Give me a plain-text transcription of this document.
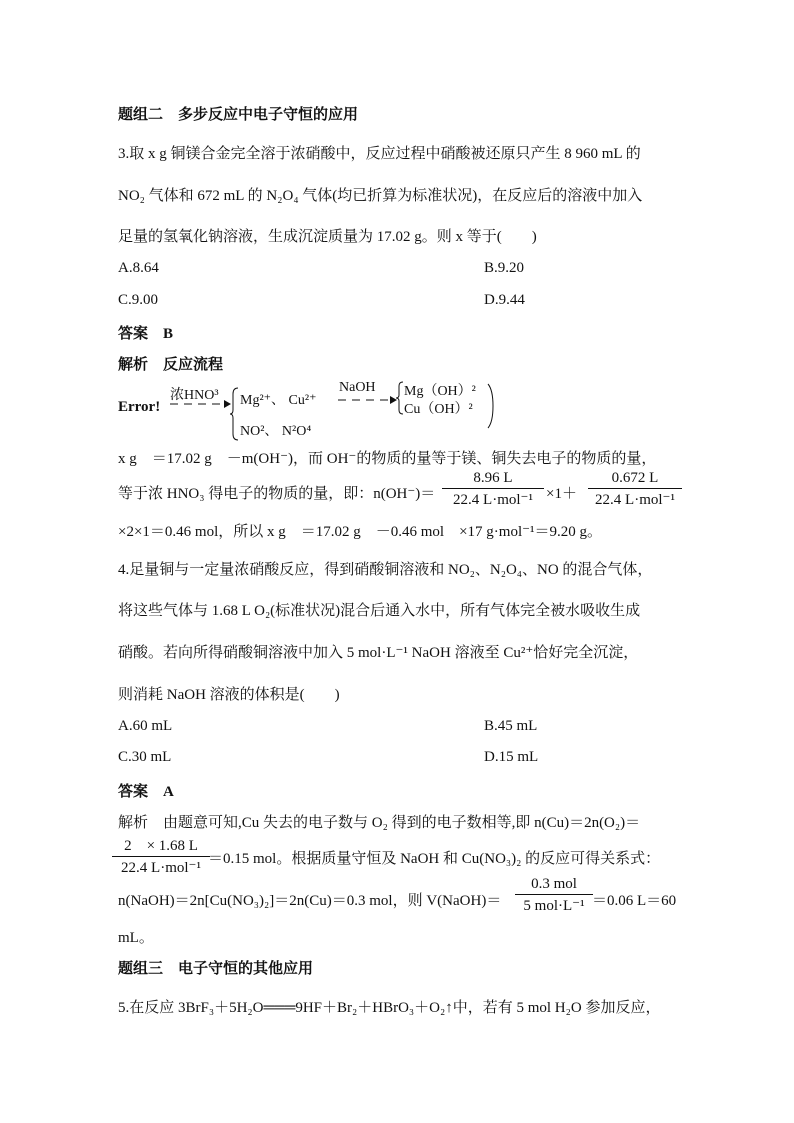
题组二　多步反应中电子守恒的应用
3.取 x g 铜镁合金完全溶于浓硝酸中，反应过程中硝酸被还原只产生 8 960 mL 的
NO₂ 气体和 672 mL 的 N₂O₄ 气体(均已折算为标准状况)，在反应后的溶液中加入
足量的氢氧化钠溶液，生成沉淀质量为 17.02 g。则 x 等于(　　)
A.8.64	B.9.20
C.9.00	D.9.44
答案　B
解析　反应流程
Error!
浓HNO³ Mg²⁺、 Cu²⁺
NO²、 N²O⁴
NaOH Mg（OH）²
Cu（OH）²
x g　＝17.02 g　－m(OH⁻)，而 OH⁻的物质的量等于镁、铜失去电子的物质的量，
等于浓 HNO₃ 得电子的物质的量，即：n(OH⁻)＝
8.96 L
22.4 L·mol⁻¹ ×1＋
0.672 L
22.4 L·mol⁻¹
×2×1＝0.46 mol，所以 x g　＝17.02 g　－0.46 mol　×17 g·mol⁻¹＝9.20 g。
4.足量铜与一定量浓硝酸反应，得到硝酸铜溶液和 NO₂、N₂O₄、NO 的混合气体，
将这些气体与 1.68 L O₂(标准状况)混合后通入水中，所有气体完全被水吸收生成
硝酸。若向所得硝酸铜溶液中加入 5 mol·L⁻¹ NaOH 溶液至 Cu²⁺恰好完全沉淀，
则消耗 NaOH 溶液的体积是(　　)
A.60 mL	B.45 mL
C.30 mL	D.15 mL
答案　A
解析　由题意可知,Cu 失去的电子数与 O₂ 得到的电子数相等,即 n(Cu)＝2n(O₂)＝
2　× 1.68 L
22.4 L·mol⁻¹
＝0.15 mol。根据质量守恒及 NaOH 和 Cu(NO₃)₂ 的反应可得关系式：
n(NaOH)＝2n[Cu(NO₃)₂]＝2n(Cu)＝0.3 mol，则 V(NaOH)＝
0.3 mol
5 mol·L⁻¹ ＝0.06 L＝60
mL。
题组三　电子守恒的其他应用
5.在反应 3BrF₃＋5H₂O═══9HF＋Br₂＋HBrO₃＋O₂↑中，若有 5 mol H₂O 参加反应，
